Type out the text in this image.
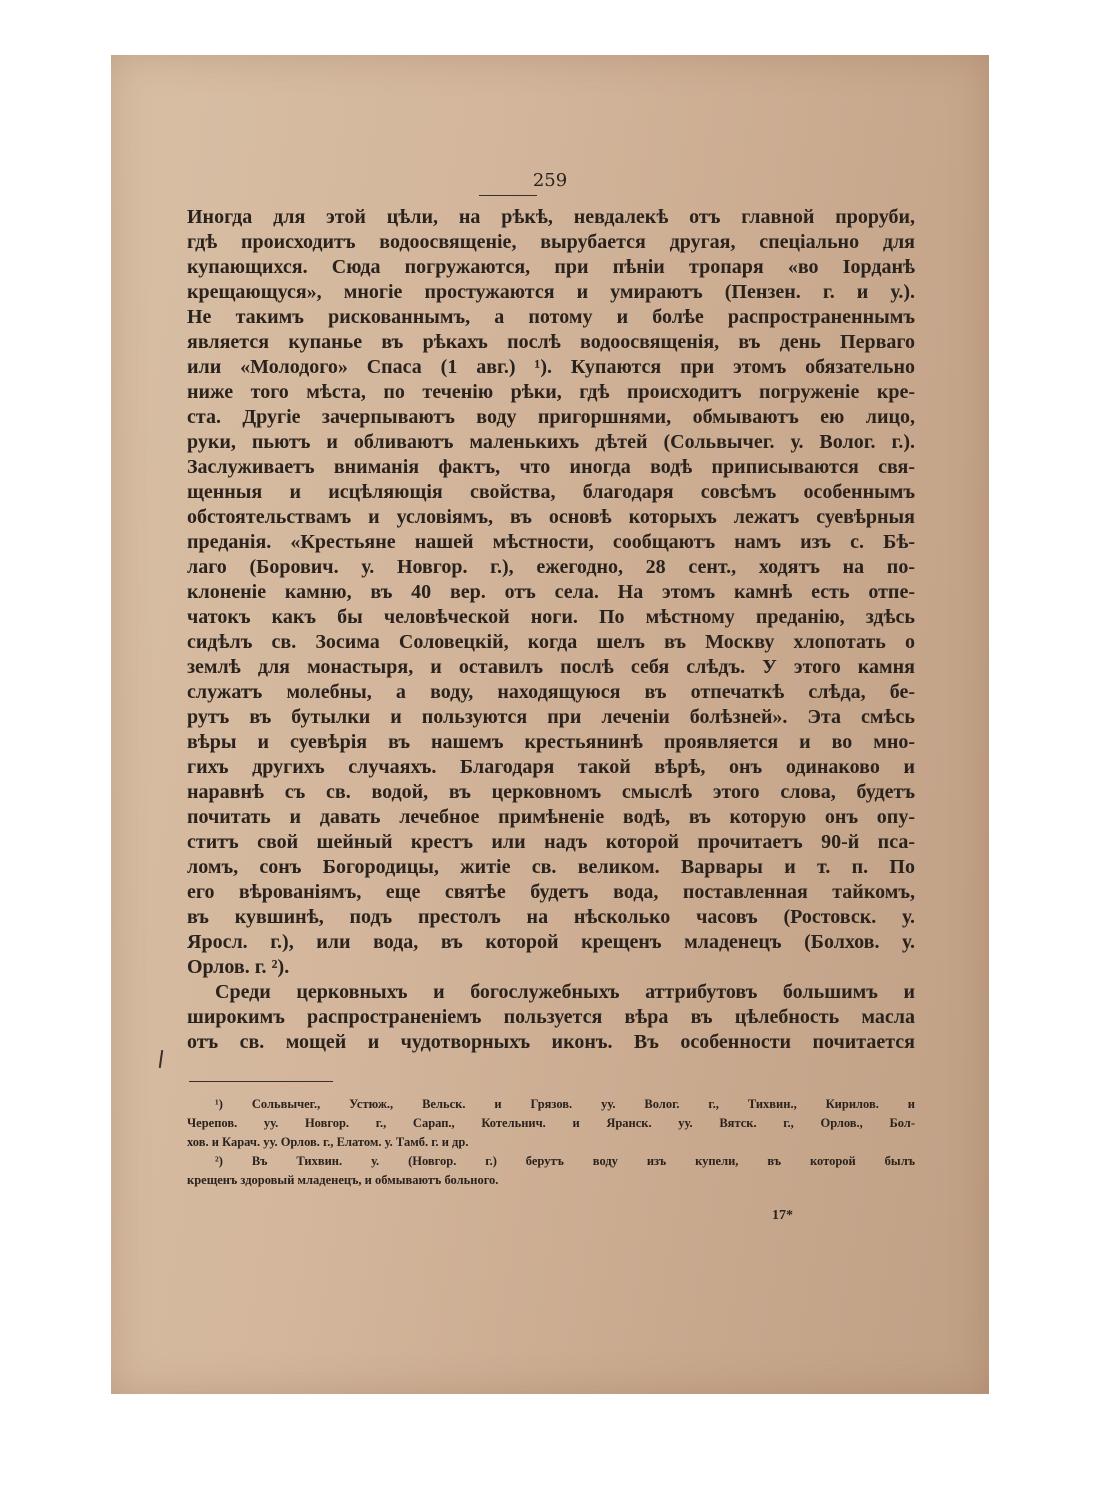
259
Иногда для этой цѣли, на рѣкѣ, невдалекѣ отъ главной проруби,
гдѣ происходитъ водоосвященіе, вырубается другая, спеціально для
купающихся. Сюда погружаются, при пѣніи тропаря «во Іорданѣ
крещающуся», многіе простужаются и умираютъ (Пензен. г. и у.).
Не такимъ рискованнымъ, а потому и болѣе распространеннымъ
является купанье въ рѣкахъ послѣ водоосвященія, въ день Перваго
или «Молодого» Спаса (1 авг.) ¹). Купаются при этомъ обязательно
ниже того мѣста, по теченію рѣки, гдѣ происходитъ погруженіе кре-
ста. Другіе зачерпываютъ воду пригоршнями, обмываютъ ею лицо,
руки, пьютъ и обливаютъ маленькихъ дѣтей (Сольвычег. у. Волог. г.).
Заслуживаетъ вниманія фактъ, что иногда водѣ приписываются свя-
щенныя и исцѣляющія свойства, благодаря совсѣмъ особеннымъ
обстоятельствамъ и условіямъ, въ основѣ которыхъ лежатъ суевѣрныя
преданія. «Крестьяне нашей мѣстности, сообщаютъ намъ изъ с. Бѣ-
лаго (Борович. у. Новгор. г.), ежегодно, 28 сент., ходятъ на по-
клоненіе камню, въ 40 вер. отъ села. На этомъ камнѣ есть отпе-
чатокъ какъ бы человѣческой ноги. По мѣстному преданію, здѣсь
сидѣлъ св. Зосима Соловецкій, когда шелъ въ Москву хлопотать о
землѣ для монастыря, и оставилъ послѣ себя слѣдъ. У этого камня
служатъ молебны, а воду, находящуюся въ отпечаткѣ слѣда, бе-
рутъ въ бутылки и пользуются при леченіи болѣзней». Эта смѣсь
вѣры и суевѣрія въ нашемъ крестьянинѣ проявляется и во мно-
гихъ другихъ случаяхъ. Благодаря такой вѣрѣ, онъ одинаково и
наравнѣ съ св. водой, въ церковномъ смыслѣ этого слова, будетъ
почитать и давать лечебное примѣненіе водѣ, въ которую онъ опу-
ститъ свой шейный крестъ или надъ которой прочитаетъ 90-й пса-
ломъ, сонъ Богородицы, житіе св. великом. Варвары и т. п. По
его вѣрованіямъ, еще святѣе будетъ вода, поставленная тайкомъ,
въ кувшинѣ, подъ престолъ на нѣсколько часовъ (Ростовск. у.
Яросл. г.), или вода, въ которой крещенъ младенецъ (Болхов. у.
Орлов. г. ²).
Среди церковныхъ и богослужебныхъ аттрибутовъ большимъ и
широкимъ распространеніемъ пользуется вѣра въ цѣлебность масла
отъ св. мощей и чудотворныхъ иконъ. Въ особенности почитается
¹) Сольвычег., Устюж., Вельск. и Грязов. уу. Волог. г., Тихвин., Кирилов. и
Черепов. уу. Новгор. г., Сарап., Котельнич. и Яранск. уу. Вятск. г., Орлов., Бол-
хов. и Карач. уу. Орлов. г., Елатом. у. Тамб. г. и др.
²) Въ Тихвин. у. (Новгор. г.) берутъ воду изъ купели, въ которой былъ
крещенъ здоровый младенецъ, и обмываютъ больного.
17*
